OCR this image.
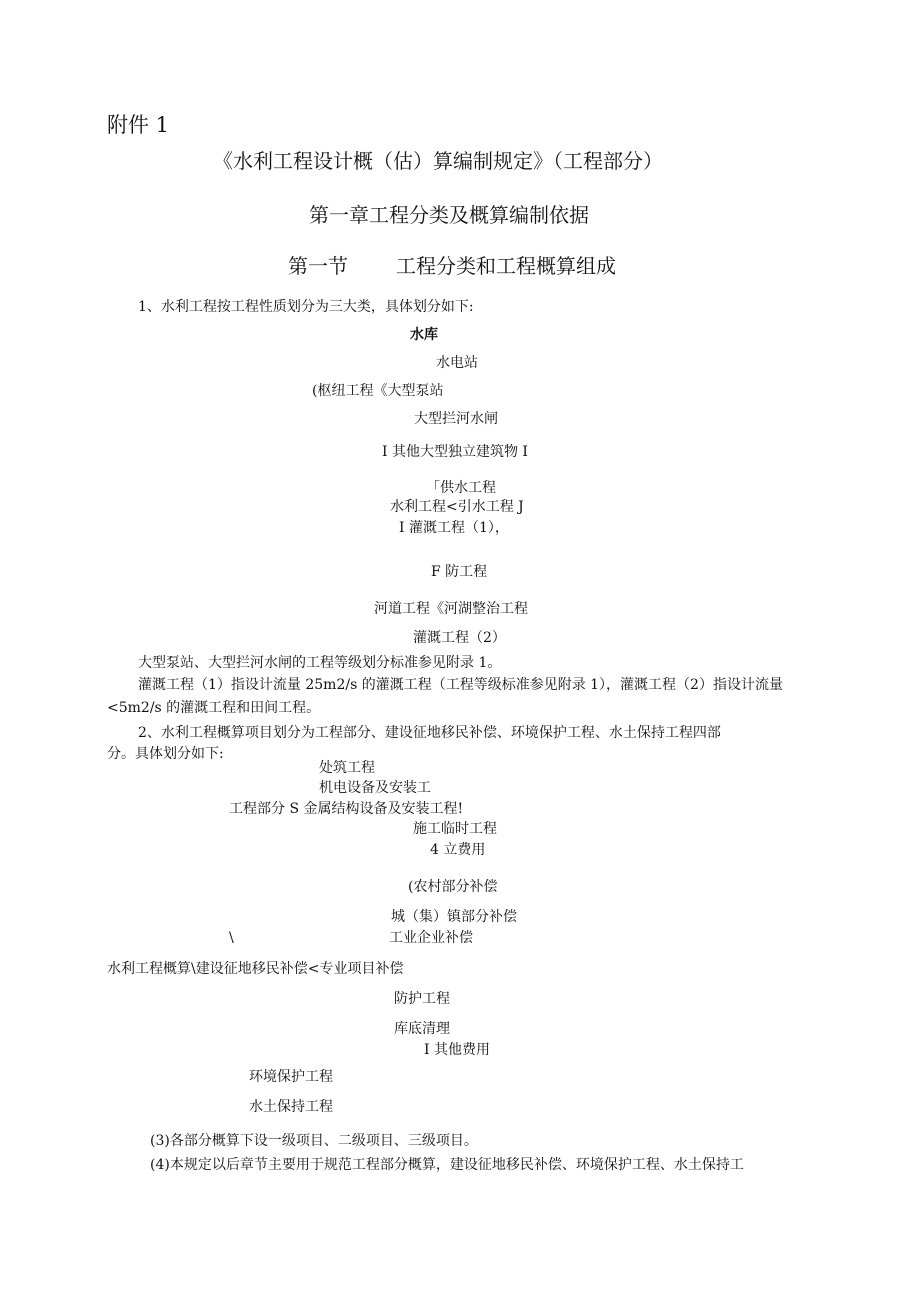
附件 1
《水利工程设计概（估）算编制规定》（工程部分）
第一章工程分类及概算编制依据
第一节 工程分类和工程概算组成
1、水利工程按工程性质划分为三大类，具体划分如下:
水库
水电站
(枢纽工程《大型泵站
大型拦河水闸
I 其他大型独立建筑物 I
「供水工程
水利工程<引水工程 J
I 灌溉工程（1），
F 防工程
河道工程《河湖整治工程
灌溉工程（2）
大型泵站、大型拦河水闸的工程等级划分标准参见附录 1。
灌溉工程（1）指设计流量 25m2/s 的灌溉工程（工程等级标准参见附录 1），灌溉工程（2）指设计流量
<5m2/s 的灌溉工程和田间工程。
2、水利工程概算项目划分为工程部分、建设征地移民补偿、环境保护工程、水土保持工程四部
分。具体划分如下:
处筑工程
机电设备及安装工
工程部分 S 金属结构设备及安装工程!
施工临时工程
4 立费用
(农村部分补偿
城（集）镇部分补偿
\	工业企业补偿
水利工程概算\建设征地移民补偿<专业项目补偿
防护工程
库底清理
I 其他费用
环境保护工程
水土保持工程
(3)各部分概算下设一级项目、二级项目、三级项目。
(4)本规定以后章节主要用于规范工程部分概算，建设征地移民补偿、环境保护工程、水土保持工
